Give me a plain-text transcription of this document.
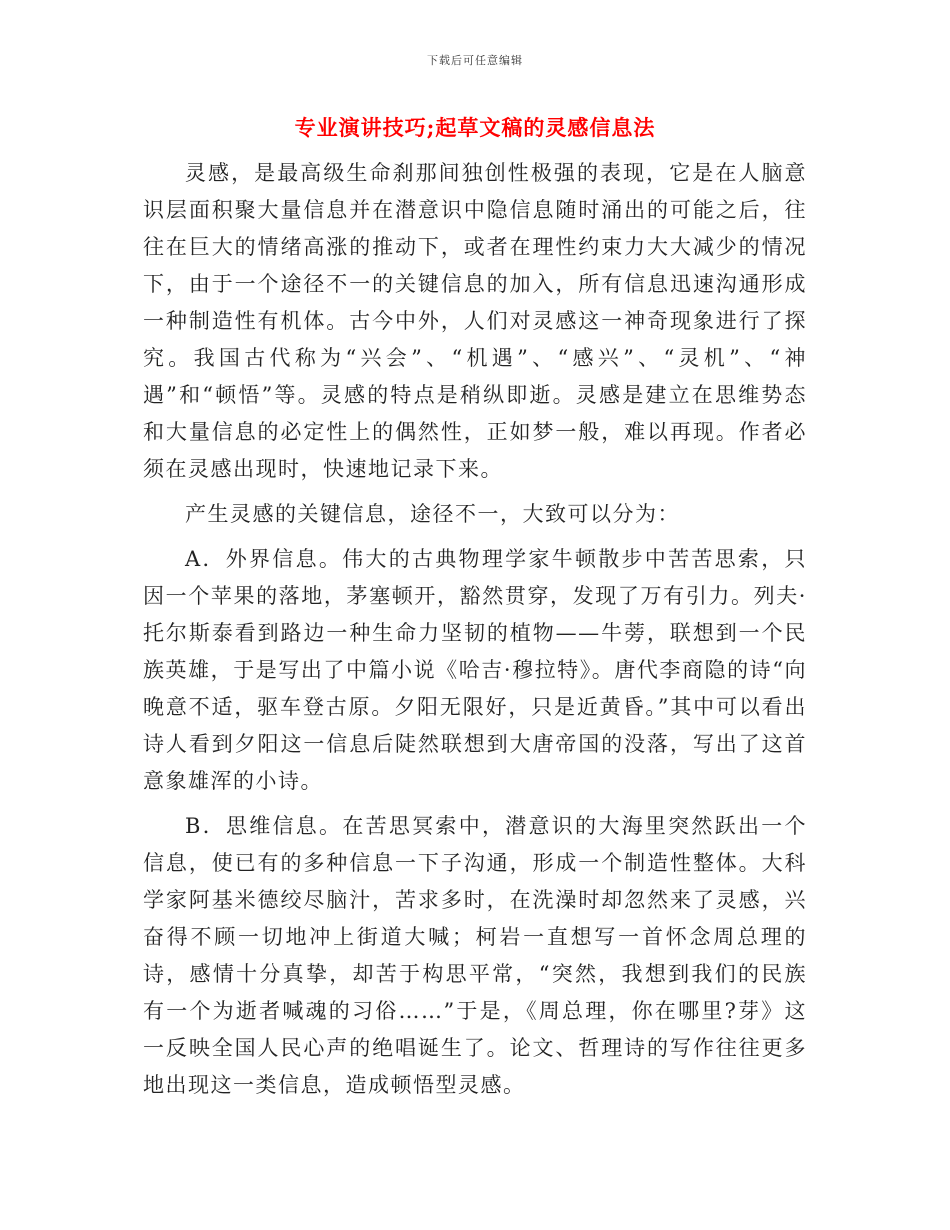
下载后可任意编辑
专业演讲技巧;起草文稿的灵感信息法

灵感，是最高级生命刹那间独创性极强的表现，它是在人脑意识层面积聚大量信息并在潜意识中隐信息随时涌出的可能之后，往往在巨大的情绪高涨的推动下，或者在理性约束力大大减少的情况下，由于一个途径不一的关键信息的加入，所有信息迅速沟通形成一种制造性有机体。古今中外，人们对灵感这一神奇现象进行了探究。我国古代称为“兴会”、“机遇”、“感兴”、“灵机”、“神遇”和“顿悟”等。灵感的特点是稍纵即逝。灵感是建立在思维势态和大量信息的必定性上的偶然性，正如梦一般，难以再现。作者必须在灵感出现时，快速地记录下来。

产生灵感的关键信息，途径不一，大致可以分为：

A．外界信息。伟大的古典物理学家牛顿散步中苦苦思索，只因一个苹果的落地，茅塞顿开，豁然贯穿，发现了万有引力。列夫·托尔斯泰看到路边一种生命力坚韧的植物——牛蒡，联想到一个民族英雄，于是写出了中篇小说《哈吉·穆拉特》。唐代李商隐的诗“向晚意不适，驱车登古原。夕阳无限好，只是近黄昏。”其中可以看出诗人看到夕阳这一信息后陡然联想到大唐帝国的没落，写出了这首意象雄浑的小诗。

B．思维信息。在苦思冥索中，潜意识的大海里突然跃出一个信息，使已有的多种信息一下子沟通，形成一个制造性整体。大科学家阿基米德绞尽脑汁，苦求多时，在洗澡时却忽然来了灵感，兴奋得不顾一切地冲上街道大喊；柯岩一直想写一首怀念周总理的诗，感情十分真挚，却苦于构思平常，“突然，我想到我们的民族有一个为逝者喊魂的习俗……”于是，《周总理，你在哪里?芽》这一反映全国人民心声的绝唱诞生了。论文、哲理诗的写作往往更多地出现这一类信息，造成顿悟型灵感。
